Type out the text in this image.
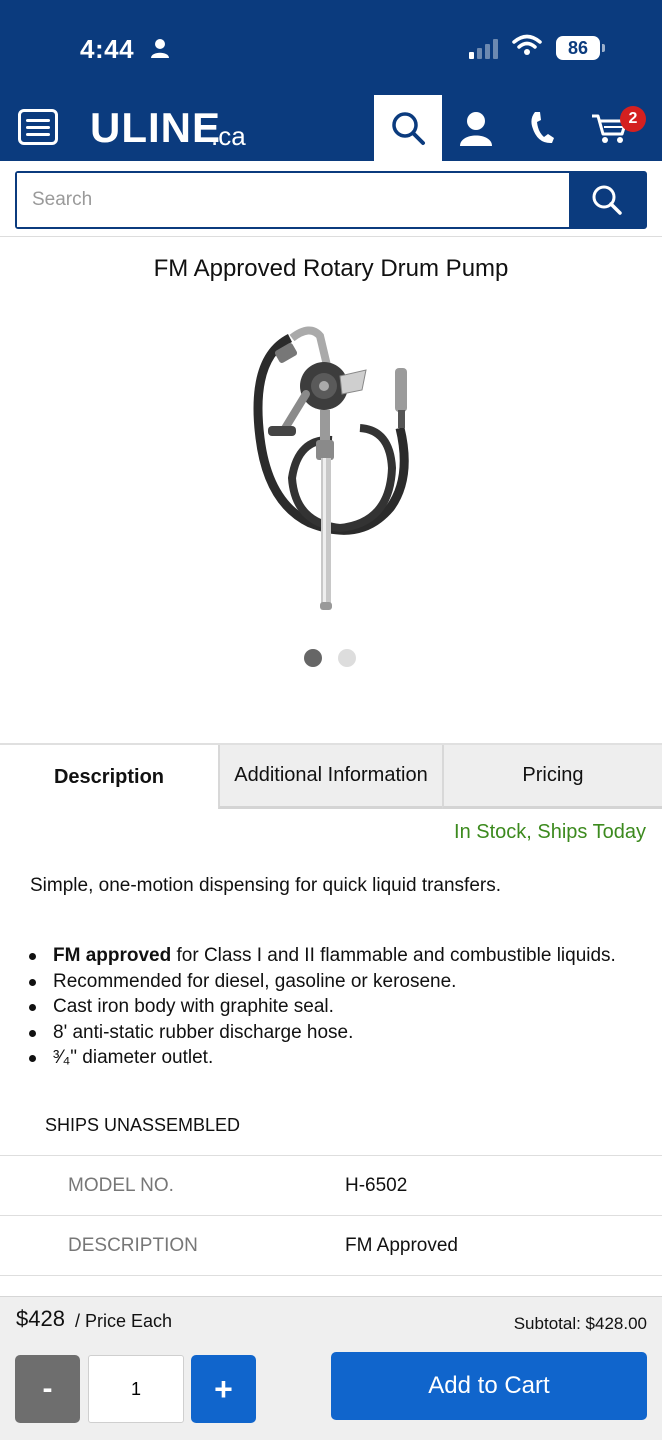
4:44	86
ULINE
.ca
2
Search
FM Approved Rotary Drum Pump
Description	Additional Information	Pricing
In Stock, Ships Today
Simple, one-motion dispensing for quick liquid transfers.
FM approved for Class I and II flammable and combustible liquids.
Recommended for diesel, gasoline or kerosene.
Cast iron body with graphite seal.
8' anti-static rubber discharge hose.
³⁄₄" diameter outlet.
SHIPS UNASSEMBLED
MODEL NO.	H-6502
DESCRIPTION	FM Approved
$428 / Price Each	Subtotal: $428.00
-
1	+	Add to Cart
